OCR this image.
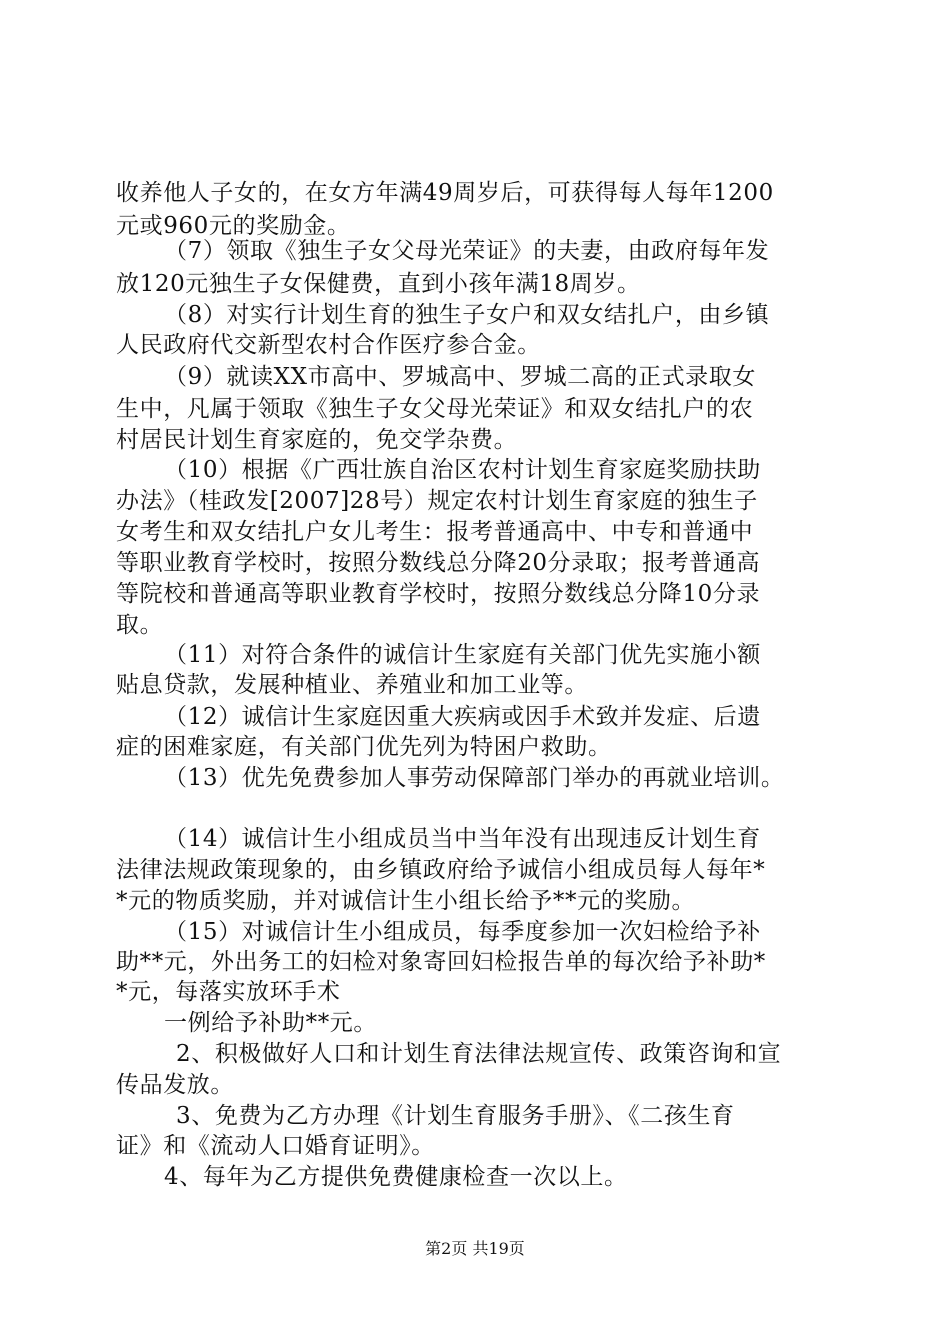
收养他人子女的，在女方年满49周岁后，可获得每人每年1200
元或960元的奖励金。
（7）领取《独生子女父母光荣证》的夫妻，由政府每年发
放120元独生子女保健费，直到小孩年满18周岁。
（8）对实行计划生育的独生子女户和双女结扎户，由乡镇
人民政府代交新型农村合作医疗参合金。
（9）就读XX市高中、罗城高中、罗城二高的正式录取女
生中，凡属于领取《独生子女父母光荣证》和双女结扎户的农
村居民计划生育家庭的，免交学杂费。
（10）根据《广西壮族自治区农村计划生育家庭奖励扶助
办法》（桂政发[2007]28号）规定农村计划生育家庭的独生子
女考生和双女结扎户女儿考生：报考普通高中、中专和普通中
等职业教育学校时，按照分数线总分降20分录取；报考普通高
等院校和普通高等职业教育学校时，按照分数线总分降10分录
取。
（11）对符合条件的诚信计生家庭有关部门优先实施小额
贴息贷款，发展种植业、养殖业和加工业等。
（12）诚信计生家庭因重大疾病或因手术致并发症、后遗
症的困难家庭，有关部门优先列为特困户救助。
（13）优先免费参加人事劳动保障部门举办的再就业培训。
（14）诚信计生小组成员当中当年没有出现违反计划生育
法律法规政策现象的，由乡镇政府给予诚信小组成员每人每年*
*元的物质奖励，并对诚信计生小组长给予**元的奖励。
（15）对诚信计生小组成员，每季度参加一次妇检给予补
助**元，外出务工的妇检对象寄回妇检报告单的每次给予补助*
*元，每落实放环手术
一例给予补助**元。
2、积极做好人口和计划生育法律法规宣传、政策咨询和宣
传品发放。
3、免费为乙方办理《计划生育服务手册》、《二孩生育
证》和《流动人口婚育证明》。
4、每年为乙方提供免费健康检查一次以上。
第2页 共19页
